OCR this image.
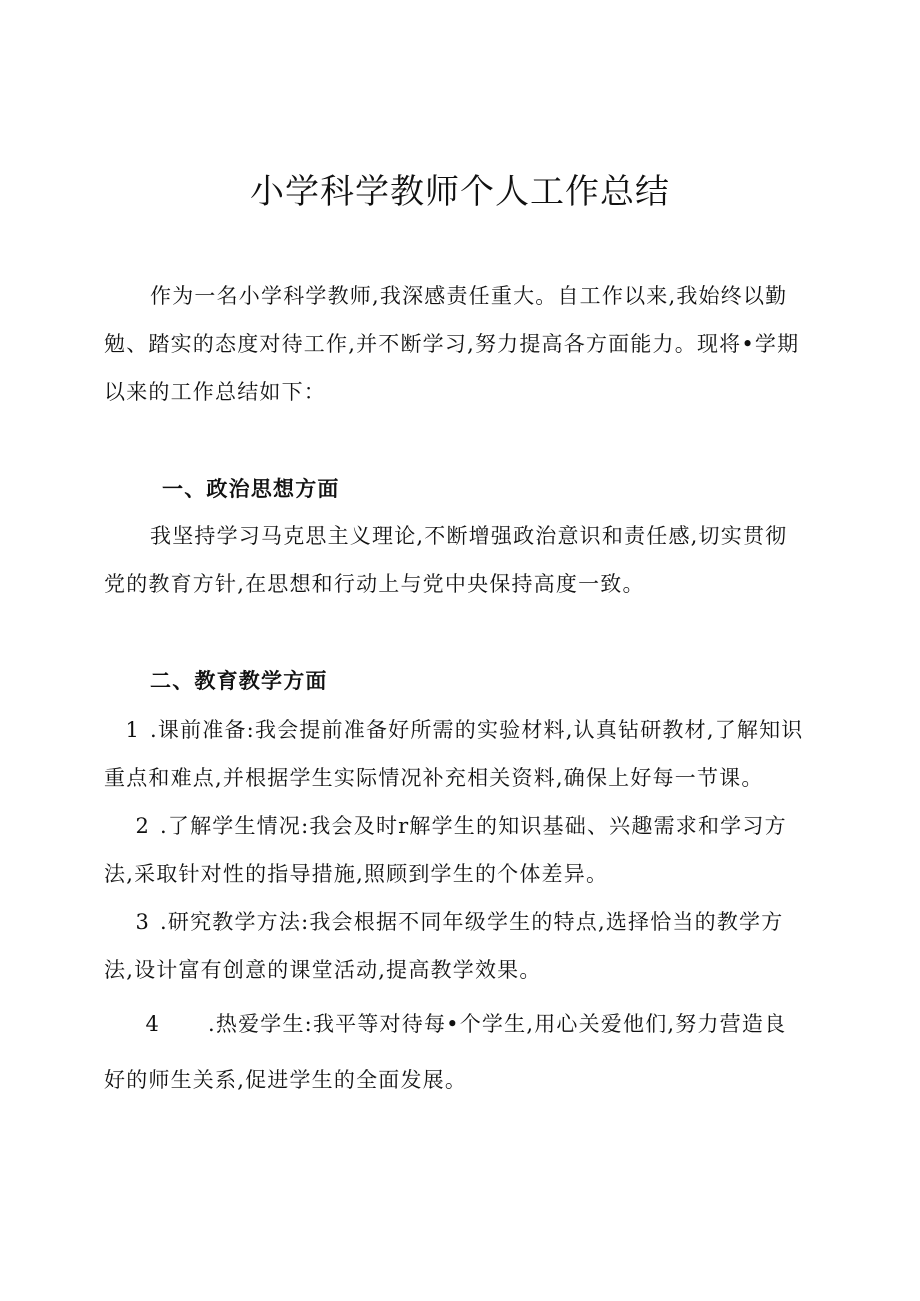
小学科学教师个人工作总结

作为一名小学科学教师,我深感责任重大。自工作以来,我始终以勤勉、踏实的态度对待工作,并不断学习,努力提高各方面能力。现将•学期以来的工作总结如下：

一、政治思想方面

我坚持学习马克思主义理论,不断增强政治意识和责任感,切实贯彻党的教育方针,在思想和行动上与党中央保持高度一致。

二、教育教学方面

1 .课前准备:我会提前准备好所需的实验材料,认真钻研教材,了解知识重点和难点,并根据学生实际情况补充相关资料,确保上好每一节课。

2 .了解学生情况:我会及时r解学生的知识基础、兴趣需求和学习方法,采取针对性的指导措施,照顾到学生的个体差异。

3 .研究教学方法:我会根据不同年级学生的特点,选择恰当的教学方法,设计富有创意的课堂活动,提高教学效果。

4 .热爱学生:我平等对待每•个学生,用心关爱他们,努力营造良好的师生关系,促进学生的全面发展。
